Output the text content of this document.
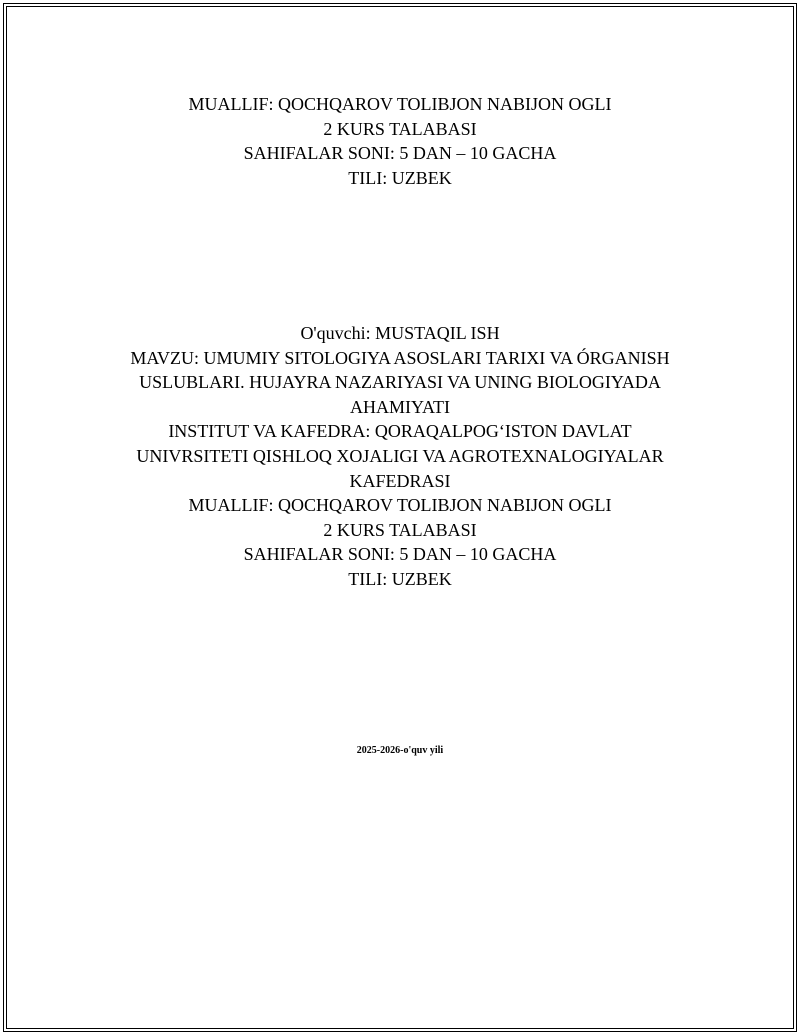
MUALLIF: QOCHQAROV TOLIBJON NABIJON OGLI
2 KURS TALABASI
SAHIFALAR SONI: 5 DAN – 10 GACHA
TILI: UZBEK
O'quvchi: MUSTAQIL ISH
MAVZU: UMUMIY SITOLOGIYA ASOSLARI TARIXI VA ÓRGANISH
USLUBLARI. HUJAYRA NAZARIYASI VA UNING BIOLOGIYADA
AHAMIYATI
INSTITUT VA KAFEDRA: QORAQALPOG‘ISTON DAVLAT
UNIVRSITETI QISHLOQ XOJALIGI VA AGROTEXNALOGIYALAR
KAFEDRASI
MUALLIF: QOCHQAROV TOLIBJON NABIJON OGLI
2 KURS TALABASI
SAHIFALAR SONI: 5 DAN – 10 GACHA
TILI: UZBEK
2025-2026-o'quv yili
